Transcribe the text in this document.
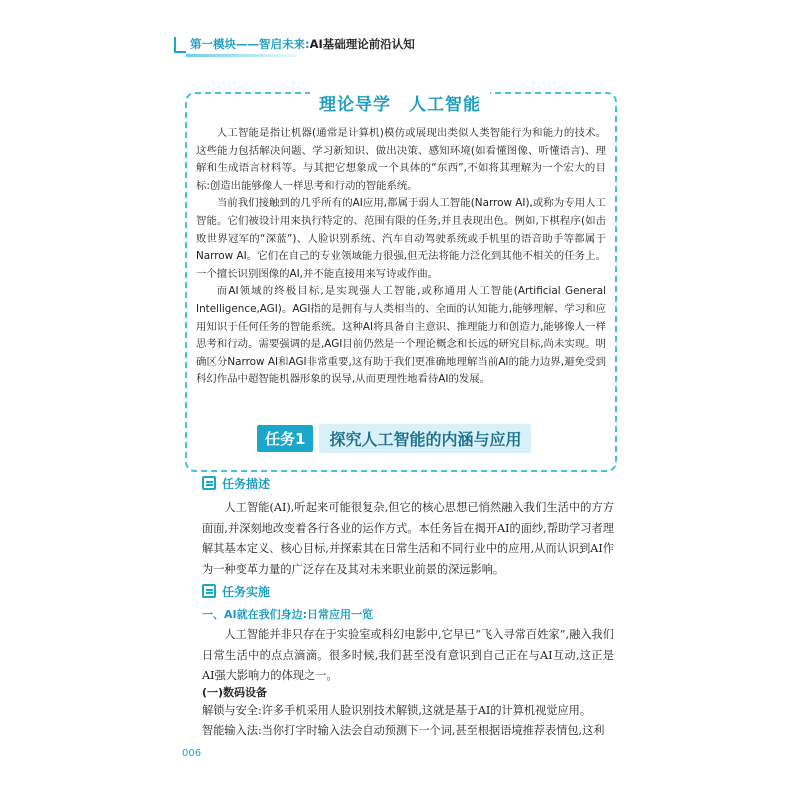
第一模块——智启未来:AI基础理论前沿认知
理论导学　人工智能

人工智能是指让机器(通常是计算机)模仿或展现出类似人类智能行为和能力的技术。这些能力包括解决问题、学习新知识、做出决策、感知环境(如看懂图像、听懂语言)、理解和生成语言材料等。与其把它想象成一个具体的“东西”,不如将其理解为一个宏大的目标:创造出能够像人一样思考和行动的智能系统。

当前我们接触到的几乎所有的AI应用,都属于弱人工智能(Narrow AI),或称为专用人工智能。它们被设计用来执行特定的、范围有限的任务,并且表现出色。例如,下棋程序(如击败世界冠军的“深蓝”)、人脸识别系统、汽车自动驾驶系统或手机里的语音助手等都属于Narrow AI。它们在自己的专业领域能力很强,但无法将能力泛化到其他不相关的任务上。一个擅长识别图像的AI,并不能直接用来写诗或作曲。

而AI领域的终极目标,是实现强人工智能,或称通用人工智能(Artificial General Intelligence,AGI)。AGI指的是拥有与人类相当的、全面的认知能力,能够理解、学习和应用知识于任何任务的智能系统。这种AI将具备自主意识、推理能力和创造力,能够像人一样思考和行动。需要强调的是,AGI目前仍然是一个理论概念和长远的研究目标,尚未实现。明确区分Narrow AI和AGI非常重要,这有助于我们更准确地理解当前AI的能力边界,避免受到科幻作品中超智能机器形象的误导,从而更理性地看待AI的发展。

任务1	探究人工智能的内涵与应用
任务描述

人工智能(AI),听起来可能很复杂,但它的核心思想已悄然融入我们生活中的方方面面,并深刻地改变着各行各业的运作方式。本任务旨在揭开AI的面纱,帮助学习者理解其基本定义、核心目标,并探索其在日常生活和不同行业中的应用,从而认识到AI作为一种变革力量的广泛存在及其对未来职业前景的深远影响。

任务实施
一、AI就在我们身边:日常应用一览

人工智能并非只存在于实验室或科幻电影中,它早已“飞入寻常百姓家”,融入我们日常生活中的点点滴滴。很多时候,我们甚至没有意识到自己正在与AI互动,这正是AI强大影响力的体现之一。

(一)数码设备
解锁与安全:许多手机采用人脸识别技术解锁,这就是基于AI的计算机视觉应用。
智能输入法:当你打字时输入法会自动预测下一个词,甚至根据语境推荐表情包,这利
006
